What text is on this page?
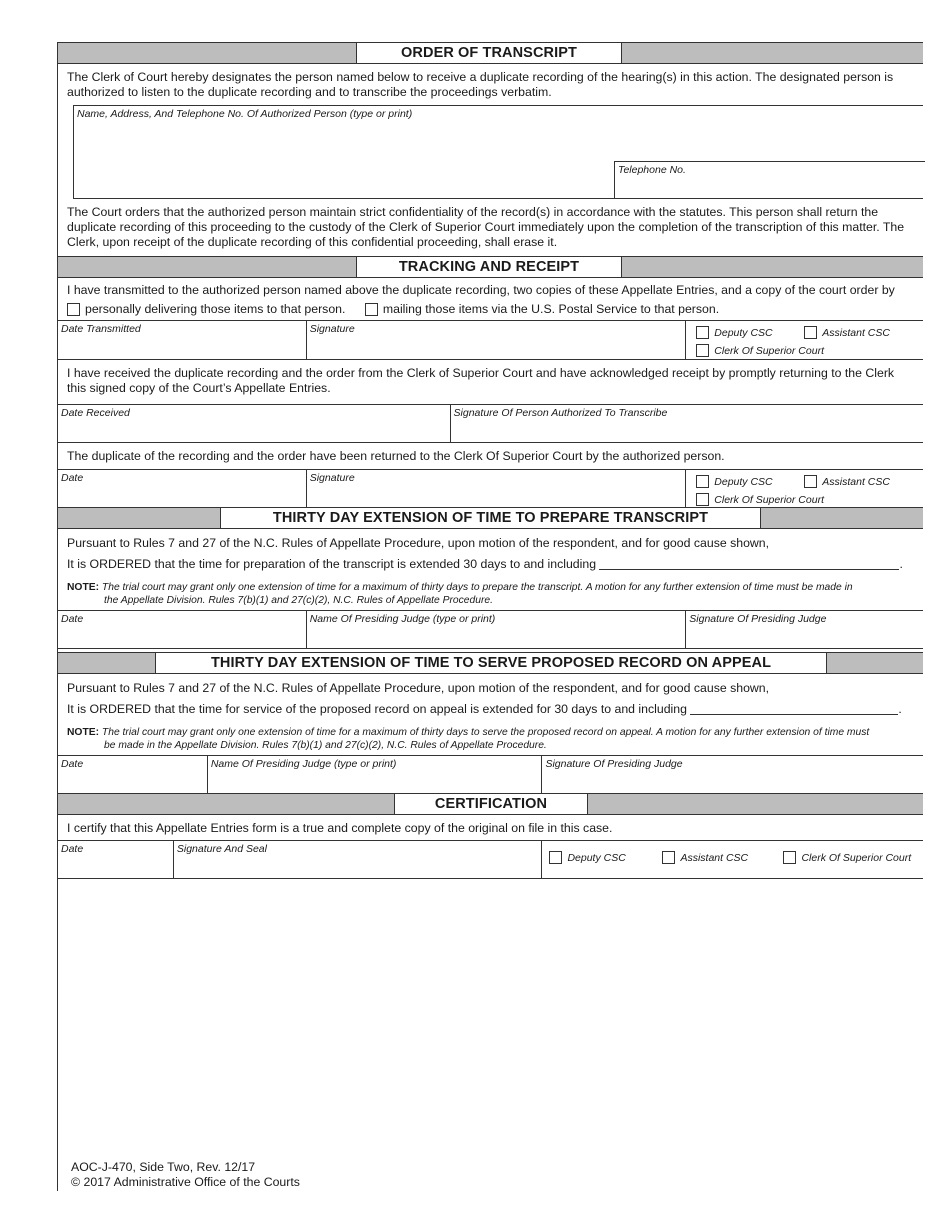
ORDER OF TRANSCRIPT
The Clerk of Court hereby designates the person named below to receive a duplicate recording of the hearing(s) in this action. The designated person is authorized to listen to the duplicate recording and to transcribe the proceedings verbatim.
Name, Address, And Telephone No. Of Authorized Person (type or print)
Telephone No.
The Court orders that the authorized person maintain strict confidentiality of the record(s) in accordance with the statutes. This person shall return the duplicate recording of this proceeding to the custody of the Clerk of Superior Court immediately upon the completion of the transcription of this matter. The Clerk, upon receipt of the duplicate recording of this confidential proceeding, shall erase it.
TRACKING AND RECEIPT
I have transmitted to the authorized person named above the duplicate recording, two copies of these Appellate Entries, and a copy of the court order by
personally delivering those items to that person.	mailing those items via the U.S. Postal Service to that person.
Date Transmitted	Signature	Deputy CSC	Assistant CSC
Clerk Of Superior Court
I have received the duplicate recording and the order from the Clerk of Superior Court and have acknowledged receipt by promptly returning to the Clerk this signed copy of the Court’s Appellate Entries.
Date Received	Signature Of Person Authorized To Transcribe
The duplicate of the recording and the order have been returned to the Clerk Of Superior Court by the authorized person.
Date	Signature	Deputy CSC	Assistant CSC
Clerk Of Superior Court
THIRTY DAY EXTENSION OF TIME TO PREPARE TRANSCRIPT
Pursuant to Rules 7 and 27 of the N.C. Rules of Appellate Procedure, upon motion of the respondent, and for good cause shown,
It is ORDERED that the time for preparation of the transcript is extended 30 days to and including	.
NOTE: The trial court may grant only one extension of time for a maximum of thirty days to prepare the transcript. A motion for any further extension of time must be made in
the Appellate Division. Rules 7(b)(1) and 27(c)(2), N.C. Rules of Appellate Procedure.
Date	Name Of Presiding Judge (type or print)	Signature Of Presiding Judge
THIRTY DAY EXTENSION OF TIME TO SERVE PROPOSED RECORD ON APPEAL
Pursuant to Rules 7 and 27 of the N.C. Rules of Appellate Procedure, upon motion of the respondent, and for good cause shown,
It is ORDERED that the time for service of the proposed record on appeal is extended for 30 days to and including	.
NOTE: The trial court may grant only one extension of time for a maximum of thirty days to serve the proposed record on appeal. A motion for any further extension of time must
be made in the Appellate Division. Rules 7(b)(1) and 27(c)(2), N.C. Rules of Appellate Procedure.
Date	Name Of Presiding Judge (type or print)	Signature Of Presiding Judge
CERTIFICATION
I certify that this Appellate Entries form is a true and complete copy of the original on file in this case.
Date	Signature And Seal
Deputy CSC	Assistant CSC	Clerk Of Superior Court
AOC-J-470, Side Two, Rev. 12/17
© 2017 Administrative Office of the Courts
